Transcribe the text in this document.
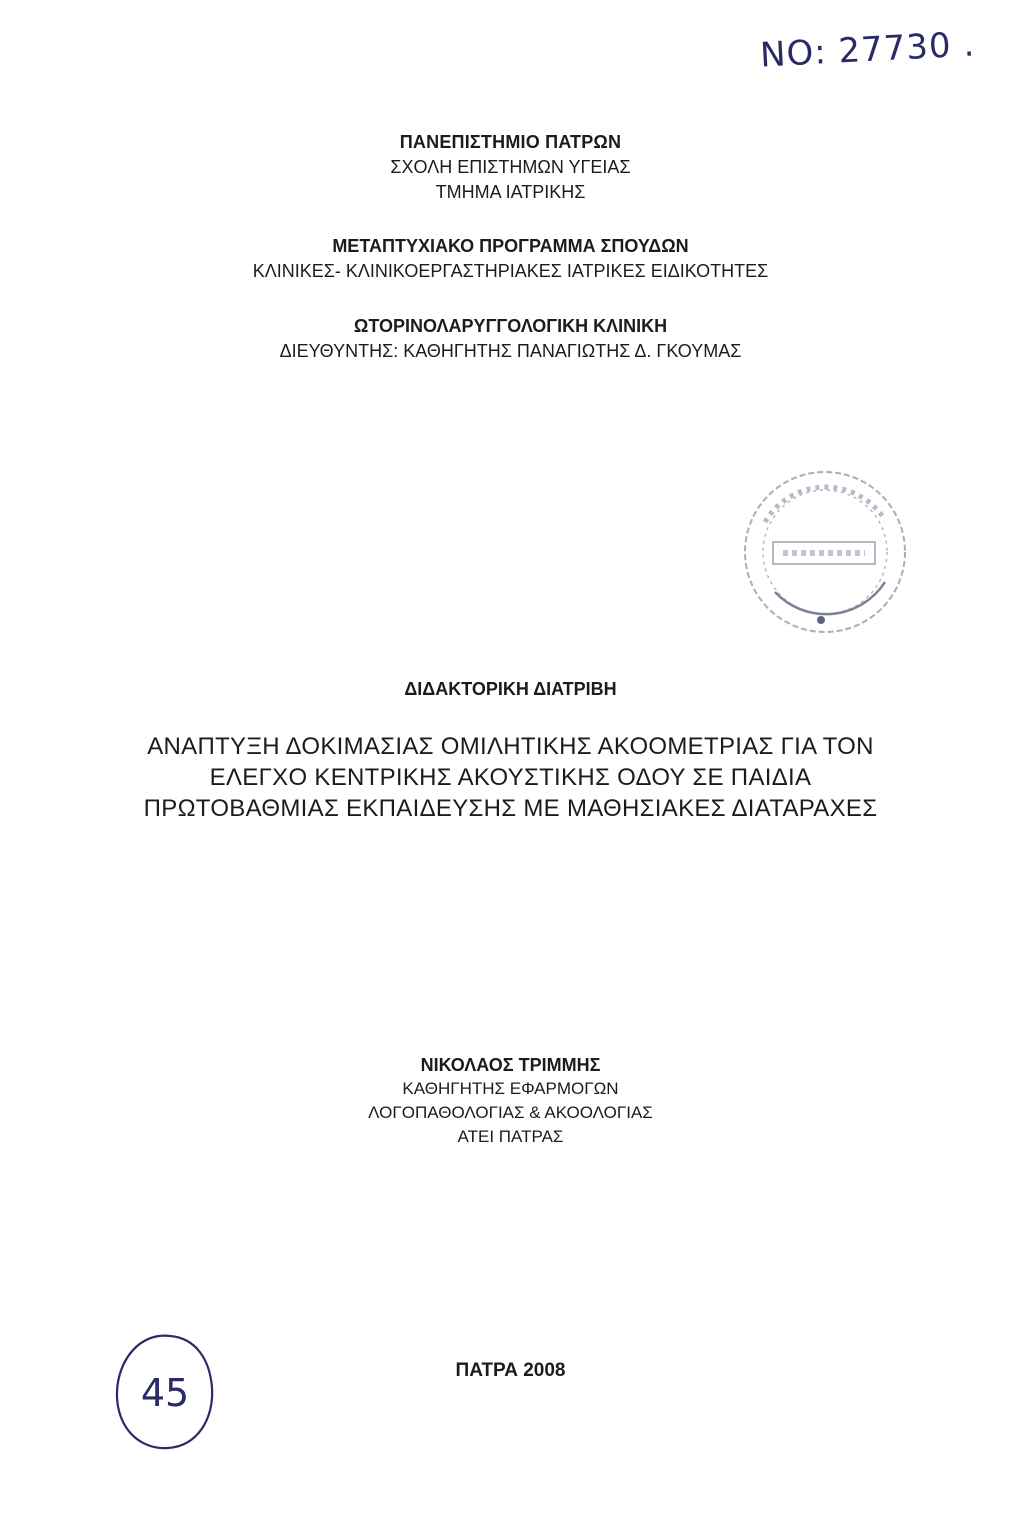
ΝΟ: 27730 .
ΠΑΝΕΠΙΣΤΗΜΙΟ ΠΑΤΡΩΝ
ΣΧΟΛΗ ΕΠΙΣΤΗΜΩΝ ΥΓΕΙΑΣ
ΤΜΗΜΑ ΙΑΤΡΙΚΗΣ
ΜΕΤΑΠΤΥΧΙΑΚΟ ΠΡΟΓΡΑΜΜΑ ΣΠΟΥΔΩΝ
ΚΛΙΝΙΚΕΣ- ΚΛΙΝΙΚΟΕΡΓΑΣΤΗΡΙΑΚΕΣ ΙΑΤΡΙΚΕΣ ΕΙΔΙΚΟΤΗΤΕΣ
ΩΤΟΡΙΝΟΛΑΡΥΓΓΟΛΟΓΙΚΗ ΚΛΙΝΙΚΗ
ΔΙΕΥΘΥΝΤΗΣ: ΚΑΘΗΓΗΤΗΣ ΠΑΝΑΓΙΩΤΗΣ Δ. ΓΚΟΥΜΑΣ
ΔΙΔΑΚΤΟΡΙΚΗ ΔΙΑΤΡΙΒΗ
ΑΝΑΠΤΥΞΗ ΔΟΚΙΜΑΣΙΑΣ ΟΜΙΛΗΤΙΚΗΣ ΑΚΟΟΜΕΤΡΙΑΣ ΓΙΑ ΤΟΝ
ΕΛΕΓΧΟ ΚΕΝΤΡΙΚΗΣ ΑΚΟΥΣΤΙΚΗΣ ΟΔΟΥ ΣΕ ΠΑΙΔΙΑ
ΠΡΩΤΟΒΑΘΜΙΑΣ ΕΚΠΑΙΔΕΥΣΗΣ ΜΕ ΜΑΘΗΣΙΑΚΕΣ ΔΙΑΤΑΡΑΧΕΣ
ΝΙΚΟΛΑΟΣ ΤΡΙΜΜΗΣ
ΚΑΘΗΓΗΤΗΣ ΕΦΑΡΜΟΓΩΝ
ΛΟΓΟΠΑΘΟΛΟΓΙΑΣ & ΑΚΟΟΛΟΓΙΑΣ
ΑΤΕΙ ΠΑΤΡΑΣ
ΠΑΤΡΑ 2008
45
